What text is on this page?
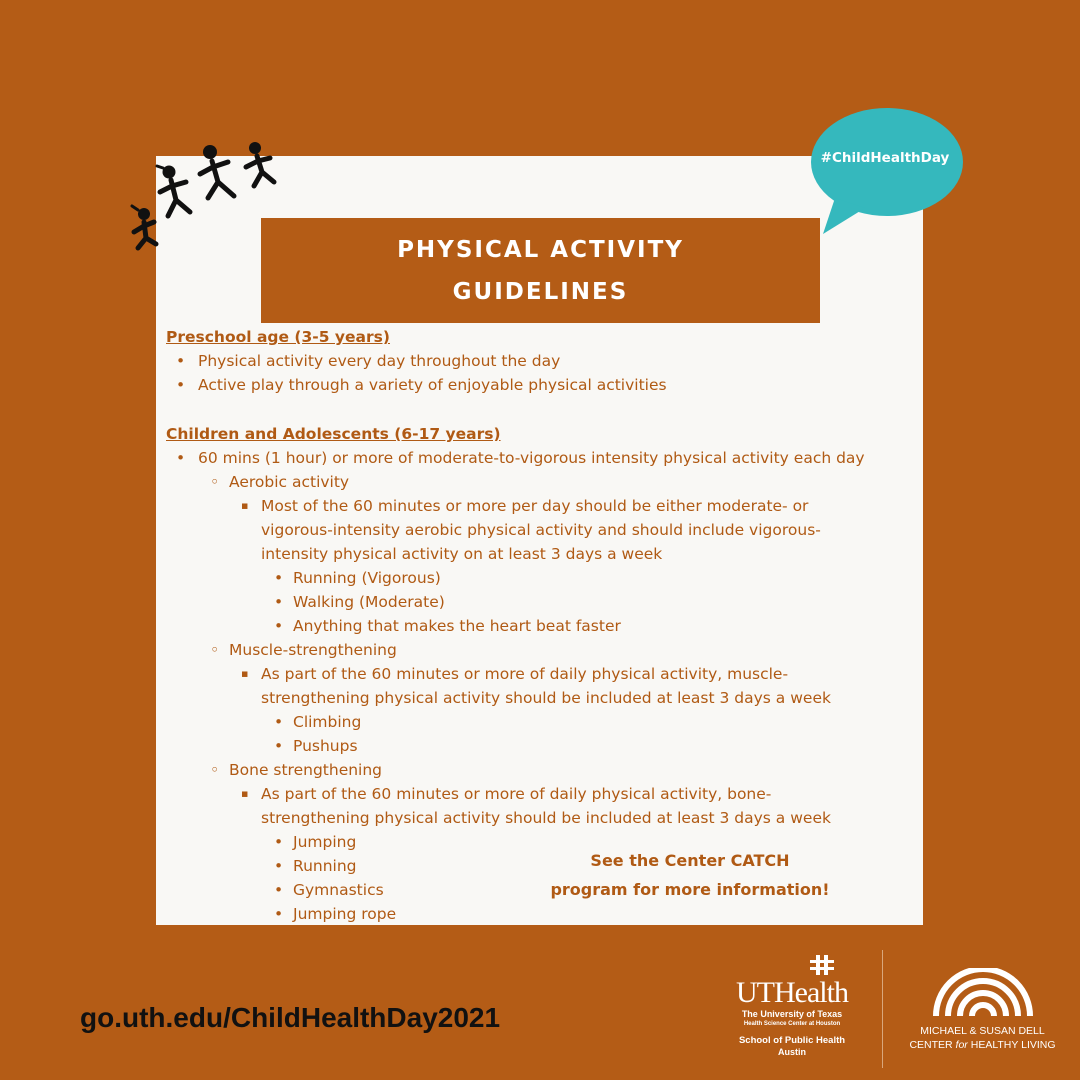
#ChildHealthDay
PHYSICAL ACTIVITY
GUIDELINES
Preschool age (3-5 years)
• Physical activity every day throughout the day
• Active play through a variety of enjoyable physical activities
Children and Adolescents (6-17 years)
• 60 mins (1 hour) or more of moderate-to-vigorous intensity physical activity each day
◦ Aerobic activity
▪ Most of the 60 minutes or more per day should be either moderate- or
vigorous-intensity aerobic physical activity and should include vigorous-
intensity physical activity on at least 3 days a week
• Running (Vigorous)
• Walking (Moderate)
• Anything that makes the heart beat faster
◦ Muscle-strengthening
▪ As part of the 60 minutes or more of daily physical activity, muscle-
strengthening physical activity should be included at least 3 days a week
• Climbing
• Pushups
◦ Bone strengthening
▪ As part of the 60 minutes or more of daily physical activity, bone-
strengthening physical activity should be included at least 3 days a week
• Jumping
• Running
• Gymnastics
• Jumping rope
See the Center CATCH
program for more information!
go.uth.edu/ChildHealthDay2021
UTHealth
The University of Texas
Health Science Center at Houston
School of Public Health
Austin
MICHAEL & SUSAN DELL
CENTER for HEALTHY LIVING
